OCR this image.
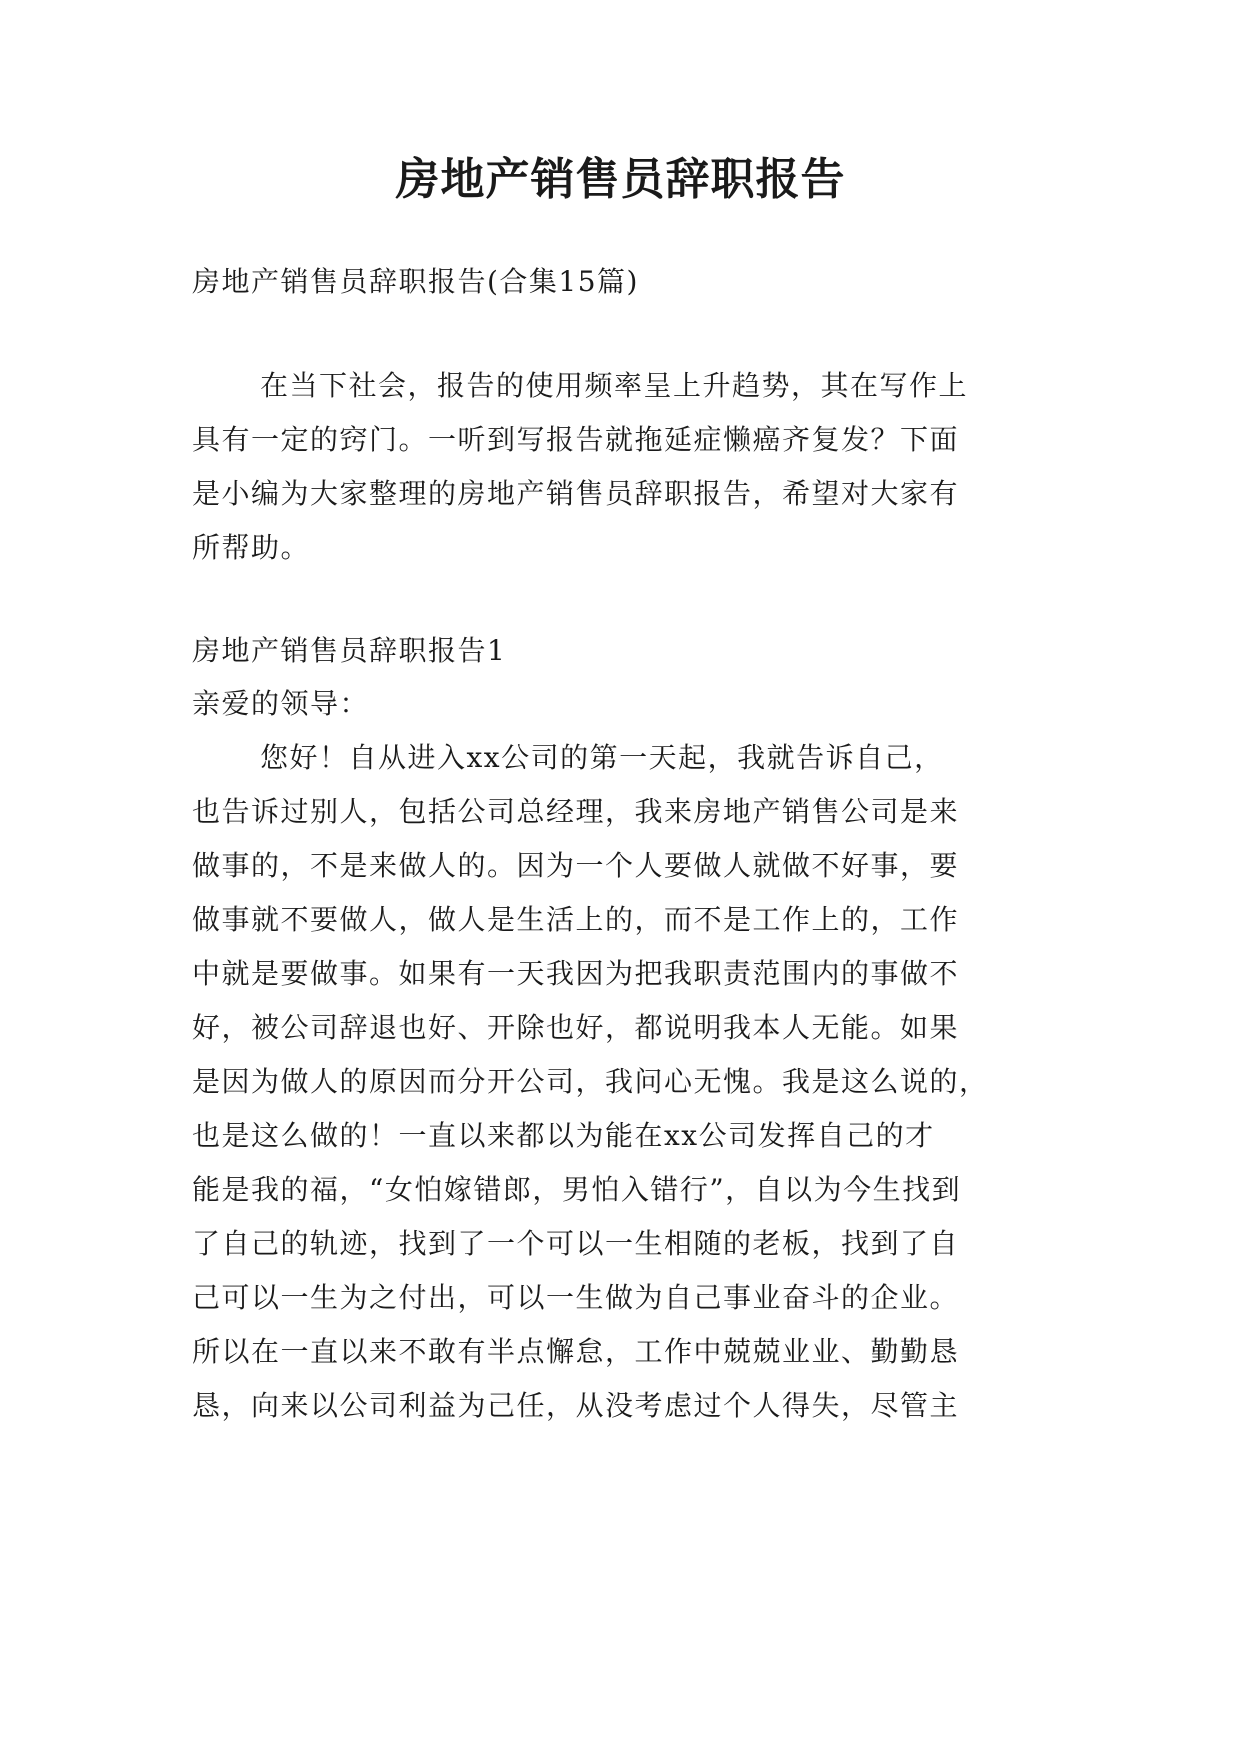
房地产销售员辞职报告

房地产销售员辞职报告(合集15篇)

在当下社会，报告的使用频率呈上升趋势，其在写作上

具有一定的窍门。一听到写报告就拖延症懒癌齐复发？下面

是小编为大家整理的房地产销售员辞职报告，希望对大家有

所帮助。

房地产销售员辞职报告1

亲爱的领导：

您好！自从进入xx公司的第一天起，我就告诉自己，

也告诉过别人，包括公司总经理，我来房地产销售公司是来

做事的，不是来做人的。因为一个人要做人就做不好事，要

做事就不要做人，做人是生活上的，而不是工作上的，工作

中就是要做事。如果有一天我因为把我职责范围内的事做不

好，被公司辞退也好、开除也好，都说明我本人无能。如果

是因为做人的原因而分开公司，我问心无愧。我是这么说的，

也是这么做的！一直以来都以为能在xx公司发挥自己的才

能是我的福，“女怕嫁错郎，男怕入错行”，自以为今生找到

了自己的轨迹，找到了一个可以一生相随的老板，找到了自

己可以一生为之付出，可以一生做为自己事业奋斗的企业。

所以在一直以来不敢有半点懈怠，工作中兢兢业业、勤勤恳

恳，向来以公司利益为己任，从没考虑过个人得失，尽管主
